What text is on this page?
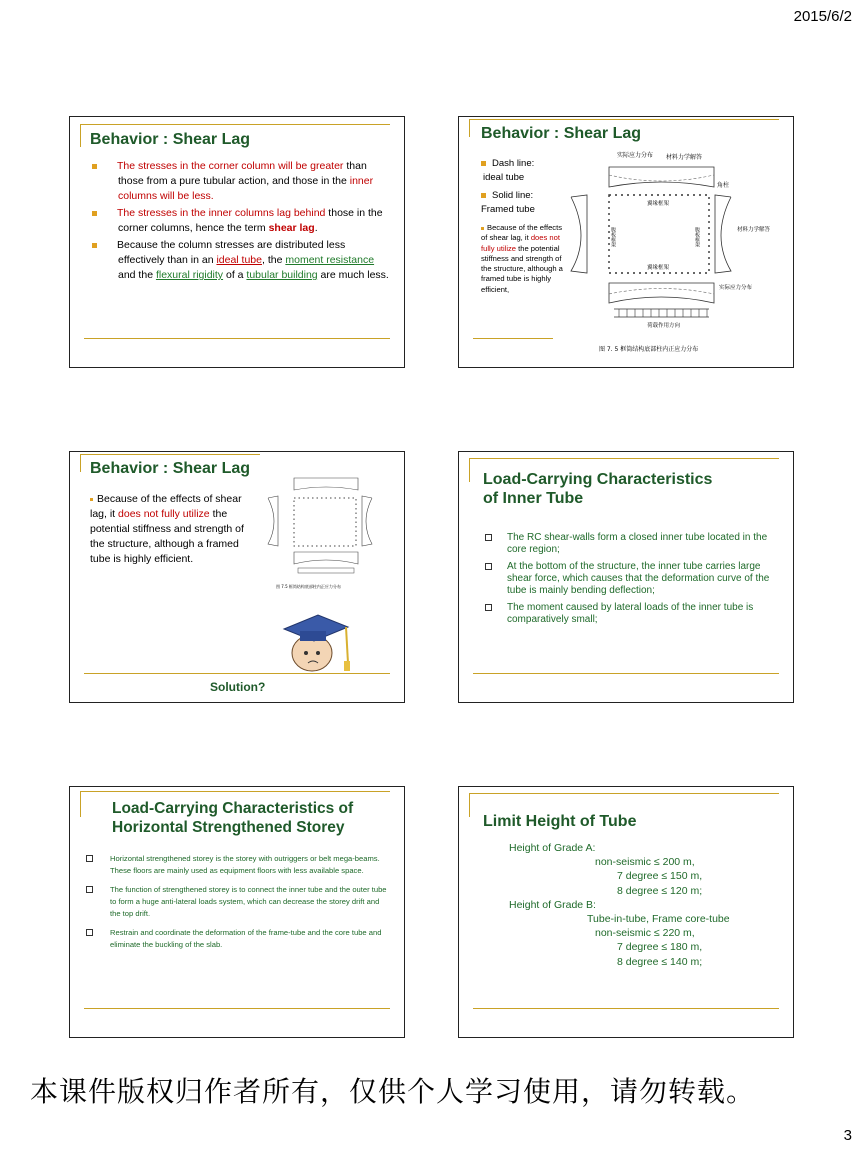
2015/6/2
Behavior : Shear Lag
The stresses in the corner column will be greater than those from a pure tubular action, and those in the inner columns will be less.
The stresses in the inner columns lag behind those in the corner columns, hence the term shear lag.
Because the column stresses are distributed less effectively than in an ideal tube, the moment resistance and the flexural rigidity of a tubular building are much less.
Behavior : Shear Lag
Dash line:
ideal tube
Solid line:
Framed tube
Because of the effects of shear lag, it does not fully utilize the potential stiffness and strength of the structure, although a framed tube is highly efficient,
实际应力分布 材料力学解答
角柱
翼缘框架
翼缘框架
腹板框架	腹板框架	材料力学解答
实际应力分布
荷载作用方向
图 7. 5 框筒结构底部柱内正应力分布
Behavior : Shear Lag
Because of the effects of shear lag, it does not fully utilize the potential stiffness and strength of the structure, although a framed tube is highly efficient.
图 7.5 框筒结构底部柱内正应力分布
Solution?
Load-Carrying Characteristics
of Inner Tube
The RC shear-walls form a closed inner tube located in the core region;
At the bottom of the structure, the inner tube carries large shear force, which causes that the deformation curve of the tube is mainly bending deflection;
The moment caused by lateral loads of the inner tube is comparatively small;
Load-Carrying Characteristics of
Horizontal Strengthened Storey
Horizontal strengthened storey is the storey with outriggers or belt mega-beams. These floors are mainly used as equipment floors with less available space.
The function of strengthened storey is to connect the inner tube and the outer tube to form a huge anti-lateral loads system, which can decrease the storey drift and the top drift.
Restrain and coordinate the deformation of the frame-tube and the core tube and eliminate the buckling of the slab.
Limit Height of Tube
Height of Grade A:
non-seismic ≤ 200 m,
7 degree ≤ 150 m,
8 degree ≤ 120 m;
Height of Grade B:
Tube-in-tube, Frame core-tube
non-seismic ≤ 220 m,
7 degree ≤ 180 m,
8 degree ≤ 140 m;
本课件版权归作者所有，仅供个人学习使用，请勿转载。
3
